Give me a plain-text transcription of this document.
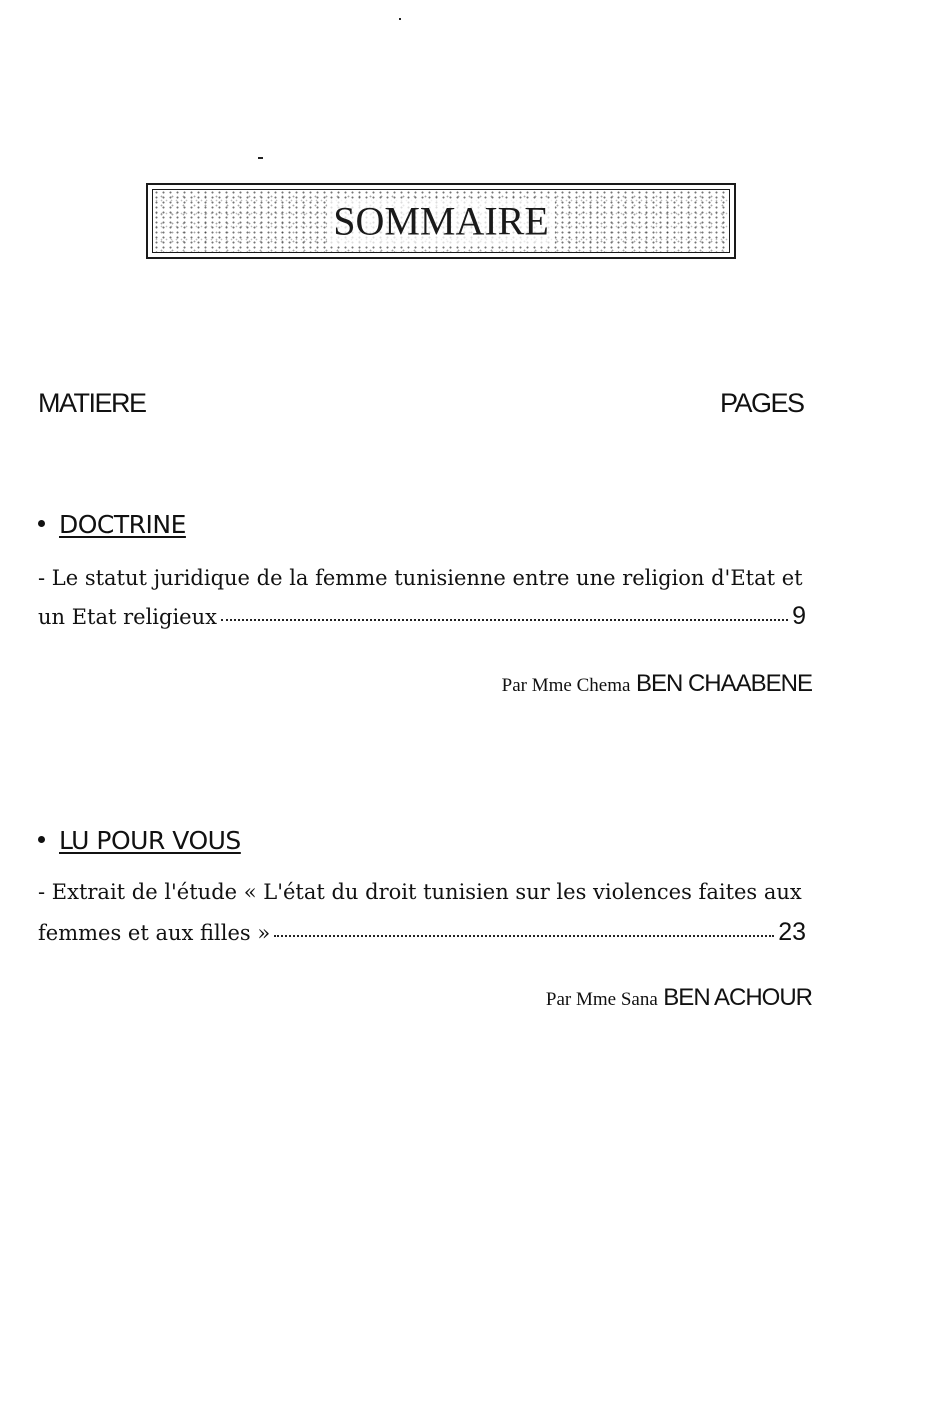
SOMMAIRE
MATIERE	PAGES
DOCTRINE
- Le statut juridique de la femme tunisienne entre une religion d'Etat et
un Etat religieux	9
Par Mme Chema BEN CHAABENE
LU POUR VOUS
- Extrait de l'étude « L'état du droit tunisien sur les violences faites aux
femmes et aux filles »	23
Par Mme Sana BEN ACHOUR
